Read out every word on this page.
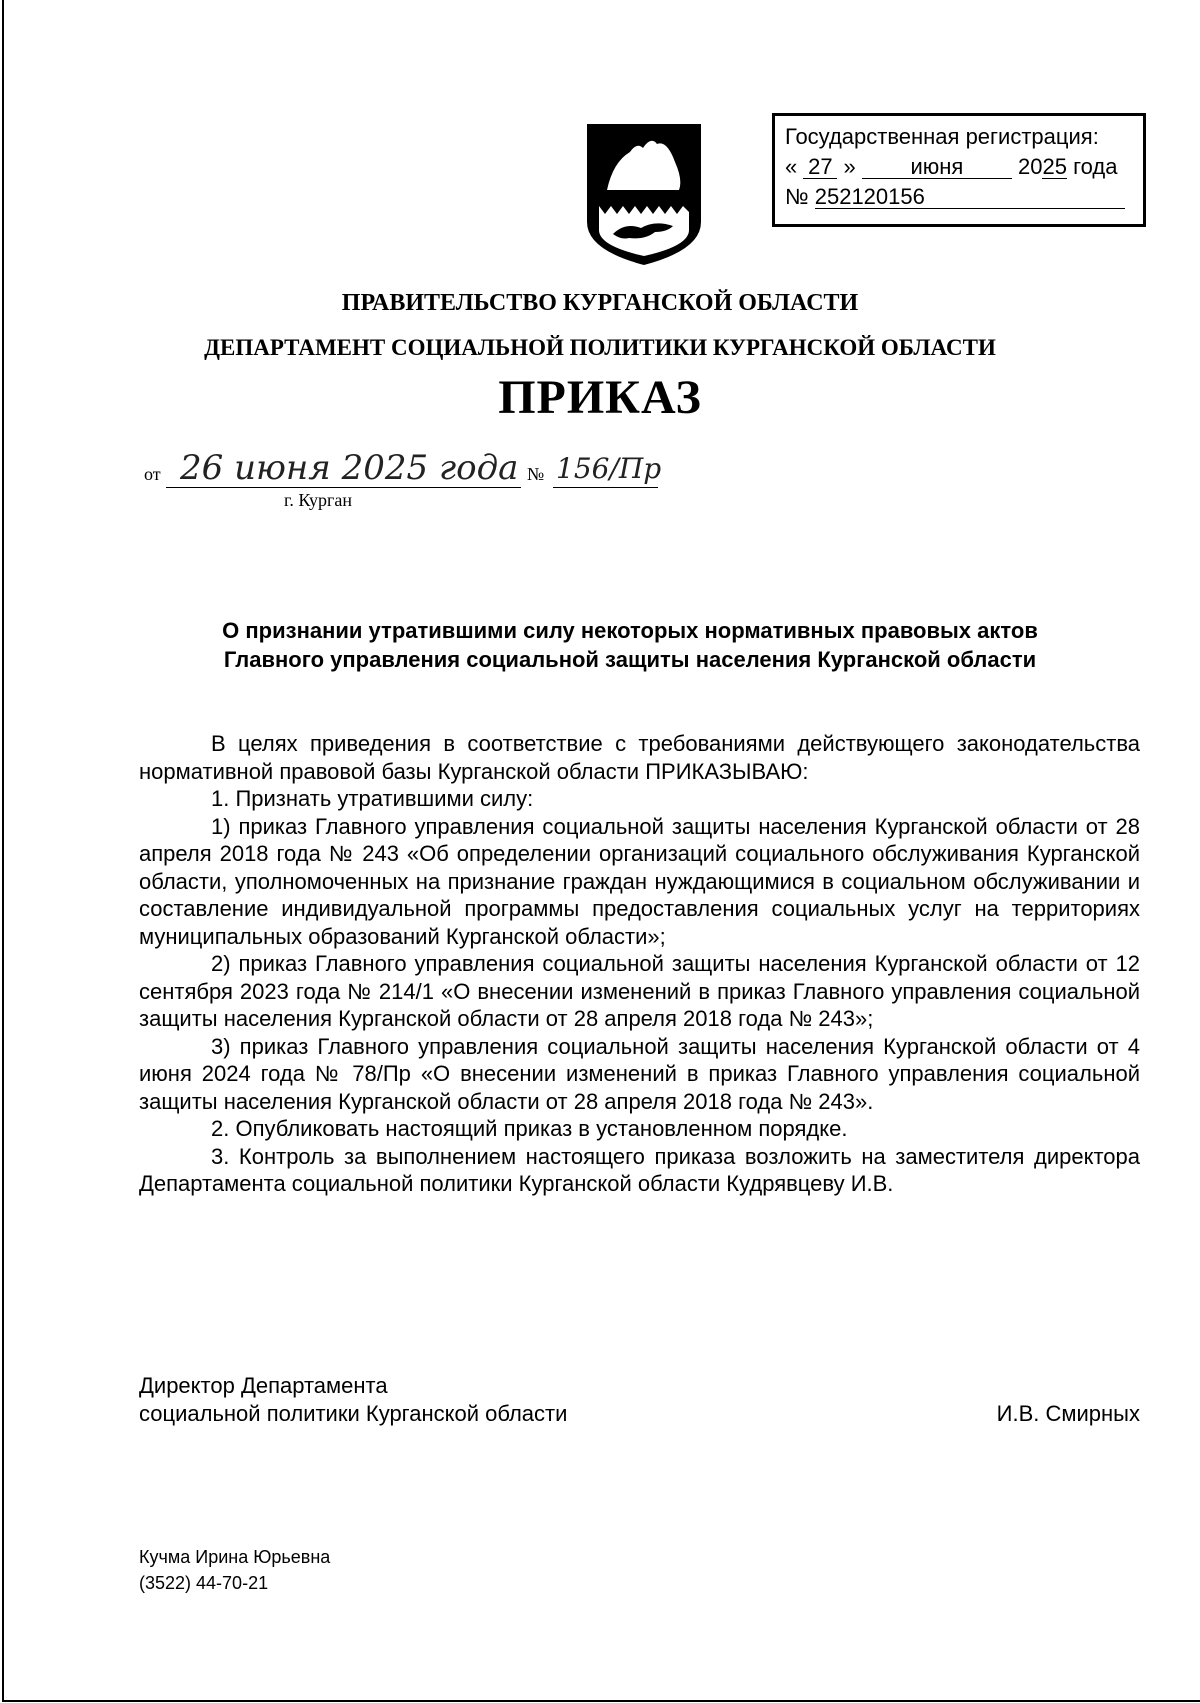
Государственная регистрация:
« 27 » июня 2025 года
№ 252120156
ПРАВИТЕЛЬСТВО КУРГАНСКОЙ ОБЛАСТИ
ДЕПАРТАМЕНТ СОЦИАЛЬНОЙ ПОЛИТИКИ КУРГАНСКОЙ ОБЛАСТИ
ПРИКАЗ
от 26 июня 2025 года № 156/Пр
г. Курган
О признании утратившими силу некоторых нормативных правовых актов
Главного управления социальной защиты населения Курганской области

В целях приведения в соответствие с требованиями действующего законодательства нормативной правовой базы Курганской области ПРИКАЗЫВАЮ:

1. Признать утратившими силу:

1) приказ Главного управления социальной защиты населения Курганской области от 28 апреля 2018 года № 243 «Об определении организаций социального обслуживания Курганской области, уполномоченных на признание граждан нуждающимися в социальном обслуживании и составление индивидуальной программы предоставления социальных услуг на территориях муниципальных образований Курганской области»;

2) приказ Главного управления социальной защиты населения Курганской области от 12 сентября 2023 года № 214/1 «О внесении изменений в приказ Главного управления социальной защиты населения Курганской области от 28 апреля 2018 года № 243»;

3) приказ Главного управления социальной защиты населения Курганской области от 4 июня 2024 года № 78/Пр «О внесении изменений в приказ Главного управления социальной защиты населения Курганской области от 28 апреля 2018 года № 243».

2. Опубликовать настоящий приказ в установленном порядке.

3. Контроль за выполнением настоящего приказа возложить на заместителя директора Департамента социальной политики Курганской области Кудрявцеву И.В.

Директор Департамента
социальной политики Курганской области	И.В. Смирных
Кучма Ирина Юрьевна
(3522) 44-70-21
